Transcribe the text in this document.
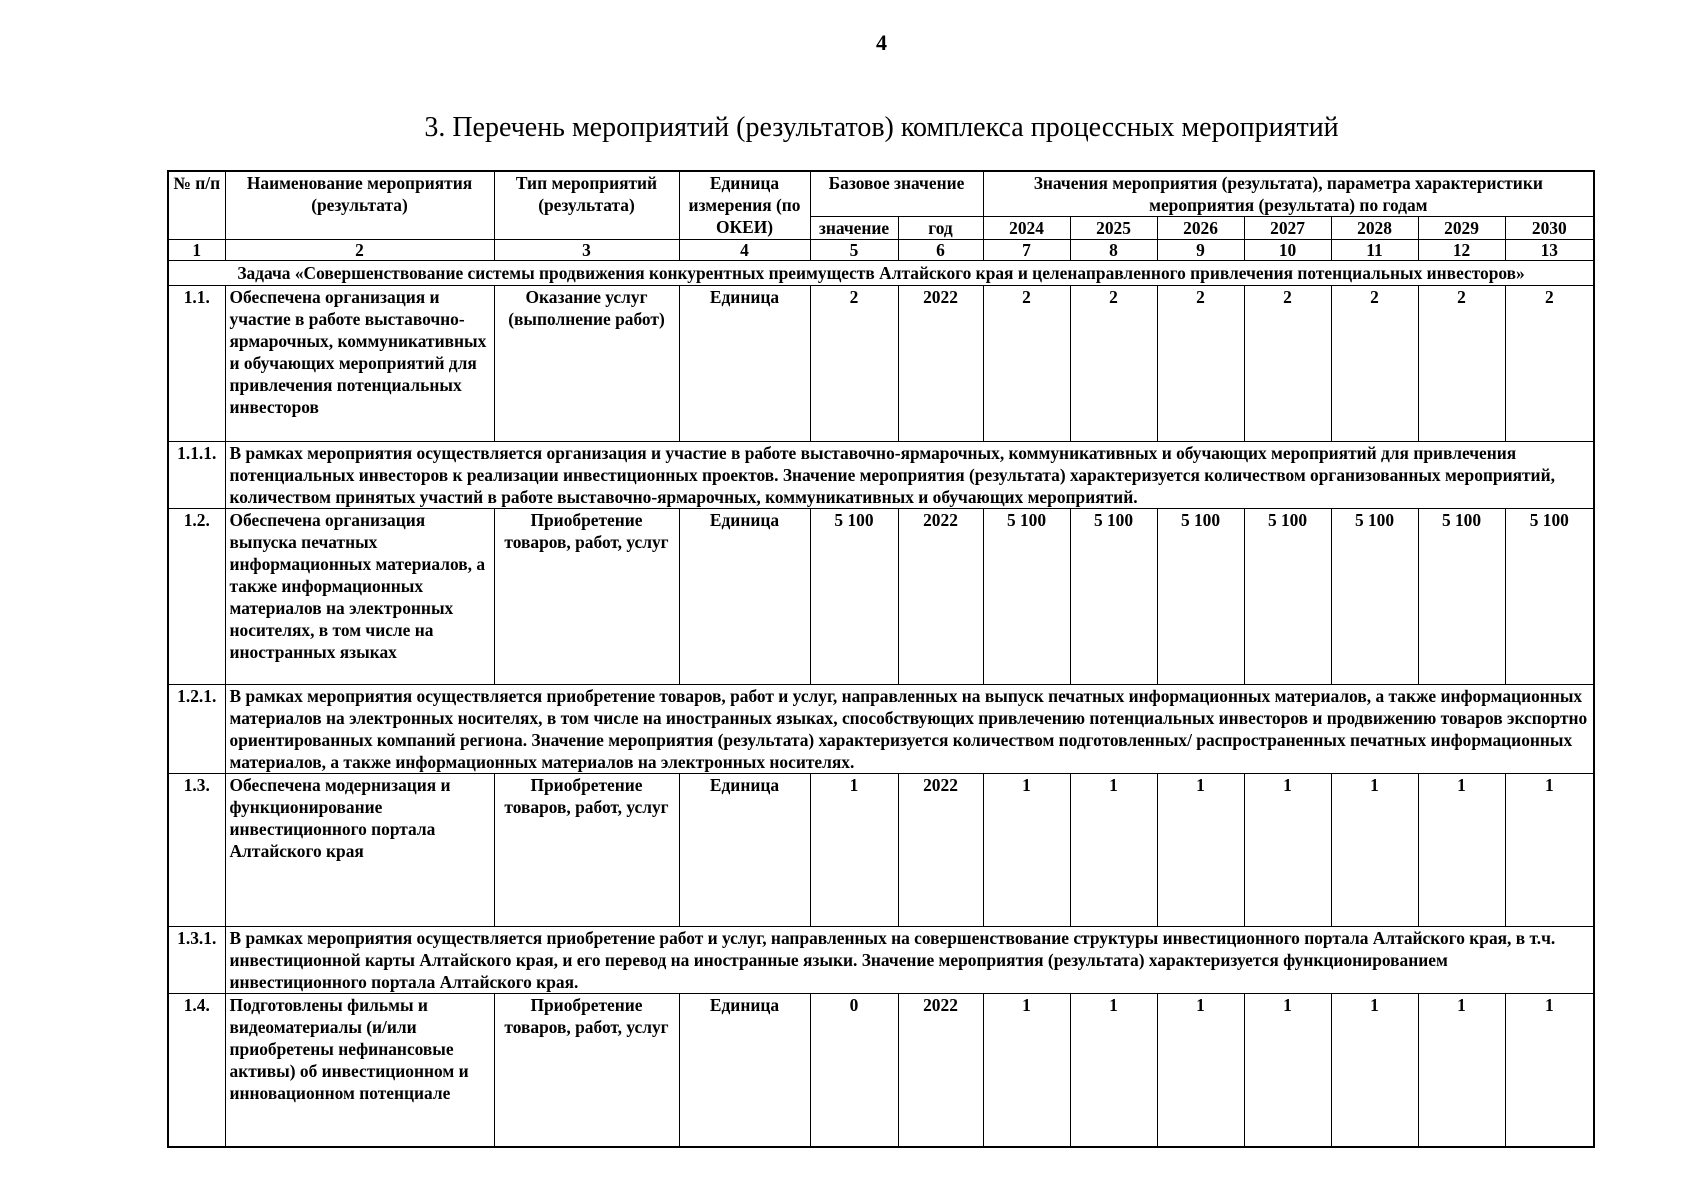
4
3. Перечень мероприятий (результатов) комплекса процессных мероприятий
№ п/п	Наименование мероприятия (результата)	Тип мероприятий (результата)	Единица измерения (по ОКЕИ)	Базовое значение		Значения мероприятия (результата), параметра характеристики мероприятия (результата) по годам						
				значение	год	2024	2025	2026	2027	2028	2029	2030
1	2	3	4	5	6	7	8	9	10	11	12	13
Задача «Совершенствование системы продвижения конкурентных преимуществ Алтайского края и целенаправленного привлечения потенциальных инвесторов»												
1.1.	Обеспечена организация и участие в работе выставочно-ярмарочных, коммуникативных и обучающих мероприятий для привлечения потенциальных инвесторов	Оказание услуг (выполнение работ)	Единица	2	2022	2	2	2	2	2	2	2
1.1.1.	В рамках мероприятия осуществляется организация и участие в работе выставочно-ярмарочных, коммуникативных и обучающих мероприятий для привлечения потенциальных инвесторов к реализации инвестиционных проектов. Значение мероприятия (результата) характеризуется количеством организованных мероприятий, количеством принятых участий в работе выставочно-ярмарочных, коммуникативных и обучающих мероприятий.											
1.2.	Обеспечена организация выпуска печатных информационных материалов, а также информационных материалов на электронных носителях, в том числе на иностранных языках	Приобретение товаров, работ, услуг	Единица	5 100	2022	5 100	5 100	5 100	5 100	5 100	5 100	5 100
1.2.1.	В рамках мероприятия осуществляется приобретение товаров, работ и услуг, направленных на выпуск печатных информационных материалов, а также информационных материалов на электронных носителях, в том числе на иностранных языках, способствующих привлечению потенциальных инвесторов и продвижению товаров экспортно ориентированных компаний региона. Значение мероприятия (результата) характеризуется количеством подготовленных/ распространенных печатных информационных материалов, а также информационных материалов на электронных носителях.											
1.3.	Обеспечена модернизация и функционирование инвестиционного портала Алтайского края	Приобретение товаров, работ, услуг	Единица	1	2022	1	1	1	1	1	1	1
1.3.1.	В рамках мероприятия осуществляется приобретение работ и услуг, направленных на совершенствование структуры инвестиционного портала Алтайского края, в т.ч. инвестиционной карты Алтайского края, и его перевод на иностранные языки. Значение мероприятия (результата) характеризуется функционированием инвестиционного портала Алтайского края.											
1.4.	Подготовлены фильмы и видеоматериалы (и/или приобретены нефинансовые активы) об инвестиционном и инновационном потенциале	Приобретение товаров, работ, услуг	Единица	0	2022	1	1	1	1	1	1	1
